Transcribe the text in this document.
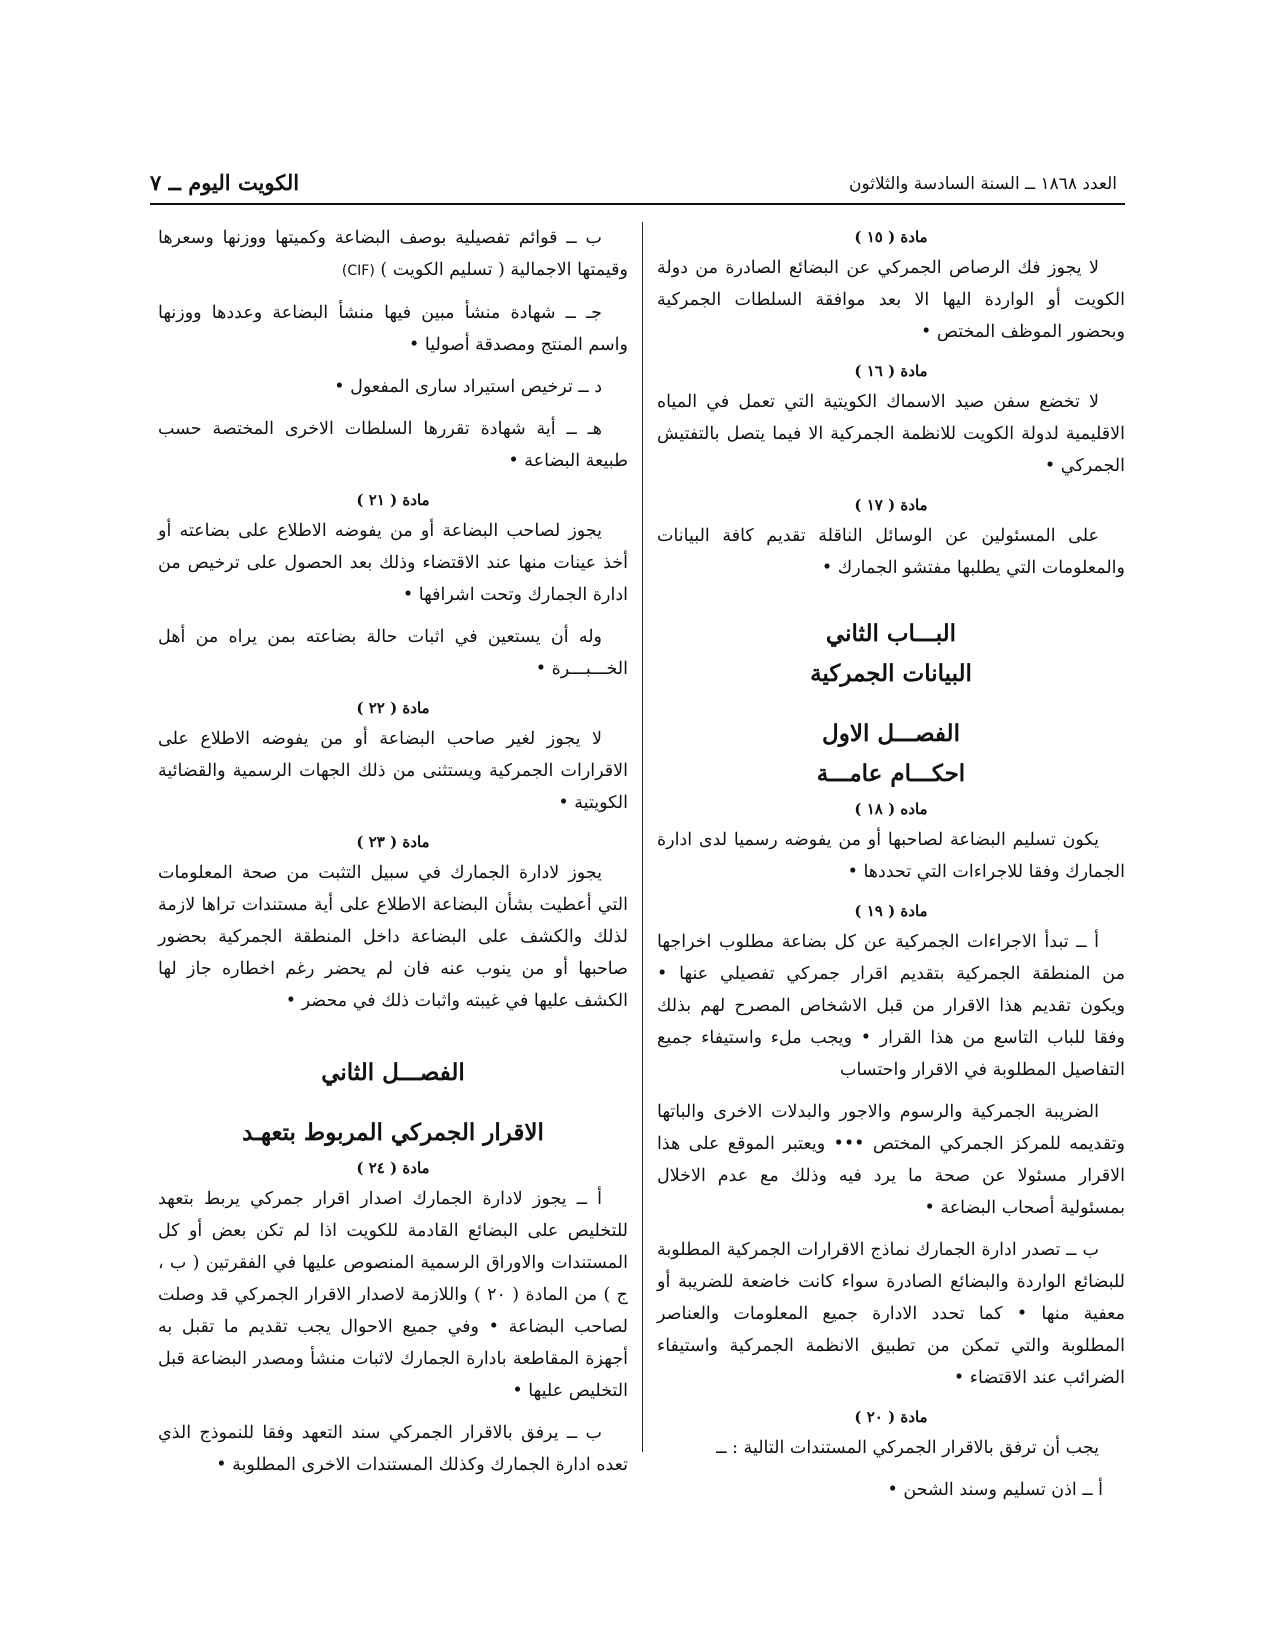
العدد ١٨٦٨ ــ السنة السادسة والثلاثون
الكويت اليوم ــ ٧
مادة ( ١٥ )

لا يجوز فك الرصاص الجمركي عن البضائع الصادرة من دولة الكويت أو الواردة اليها الا بعد موافقة السلطات الجمركية وبحضور الموظف المختص •

مادة ( ١٦ )

لا تخضع سفن صيد الاسماك الكويتية التي تعمل في المياه الاقليمية لدولة الكويت للانظمة الجمركية الا فيما يتصل بالتفتيش الجمركي •

مادة ( ١٧ )

على المسئولين عن الوسائل الناقلة تقديم كافة البيانات والمعلومات التي يطلبها مفتشو الجمارك •

البـــاب الثاني
البيانات الجمركية
الفصـــل الاول
احكـــام عامـــة
ماده ( ١٨ )

يكون تسليم البضاعة لصاحبها أو من يفوضه رسميا لدى ادارة الجمارك وفقا للاجراءات التي تحددها •

مادة ( ١٩ )

أ ــ تبدأ الاجراءات الجمركية عن كل بضاعة مطلوب اخراجها من المنطقة الجمركية بتقديم اقرار جمركي تفصيلي عنها • ويكون تقديم هذا الاقرار من قبل الاشخاص المصرح لهم بذلك وفقا للباب التاسع من هذا القرار • ويجب ملء واستيفاء جميع التفاصيل المطلوبة في الاقرار واحتساب

الضريبة الجمركية والرسوم والاجور والبدلات الاخرى والباتها وتقديمه للمركز الجمركي المختص ••• ويعتبر الموقع على هذا الاقرار مسئولا عن صحة ما يرد فيه وذلك مع عدم الاخلال بمسئولية أصحاب البضاعة •

ب ــ تصدر ادارة الجمارك نماذج الاقرارات الجمركية المطلوبة للبضائع الواردة والبضائع الصادرة سواء كانت خاضعة للضريبة أو معفية منها • كما تحدد الادارة جميع المعلومات والعناصر المطلوبة والتي تمكن من تطبيق الانظمة الجمركية واستيفاء الضرائب عند الاقتضاء •

مادة ( ٢٠ )

يجب أن ترفق بالاقرار الجمركي المستندات التالية : ــ

أ ــ اذن تسليم وسند الشحن •

ب ــ قوائم تفصيلية بوصف البضاعة وكميتها ووزنها وسعرها وقيمتها الاجمالية ( تسليم الكويت ) (CIF)

جـ ــ شهادة منشأ مبين فيها منشأ البضاعة وعددها ووزنها واسم المنتج ومصدقة أصوليا •

د ــ ترخيص استيراد سارى المفعول •

هـ ــ أية شهادة تقررها السلطات الاخرى المختصة حسب طبيعة البضاعة •

مادة ( ٢١ )

يجوز لصاحب البضاعة أو من يفوضه الاطلاع على بضاعته أو أخذ عينات منها عند الاقتضاء وذلك بعد الحصول على ترخيص من ادارة الجمارك وتحت اشرافها •

وله أن يستعين في اثبات حالة بضاعته بمن يراه من أهل الخـــبـــرة •

مادة ( ٢٢ )

لا يجوز لغير صاحب البضاعة أو من يفوضه الاطلاع على الاقرارات الجمركية ويستثنى من ذلك الجهات الرسمية والقضائية الكويتية •

مادة ( ٢٣ )

يجوز لادارة الجمارك في سبيل التثبت من صحة المعلومات التي أعطيت بشأن البضاعة الاطلاع على أية مستندات تراها لازمة لذلك والكشف على البضاعة داخل المنطقة الجمركية بحضور صاحبها أو من ينوب عنه فان لم يحضر رغم اخطاره جاز لها الكشف عليها في غيبته واثبات ذلك في محضر •

الفصـــل الثاني
الاقرار الجمركي المربوط بتعهـد
مادة ( ٢٤ )

أ ــ يجوز لادارة الجمارك اصدار اقرار جمركي يربط بتعهد للتخليص على البضائع القادمة للكويت اذا لم تكن بعض أو كل المستندات والاوراق الرسمية المنصوص عليها في الفقرتين ( ب ، ج ) من المادة ( ٢٠ ) واللازمة لاصدار الاقرار الجمركي قد وصلت لصاحب البضاعة • وفي جميع الاحوال يجب تقديم ما تقبل به أجهزة المقاطعة بادارة الجمارك لاثبات منشأ ومصدر البضاعة قبل التخليص عليها •

ب ــ يرفق بالاقرار الجمركي سند التعهد وفقا للنموذج الذي تعده ادارة الجمارك وكذلك المستندات الاخرى المطلوبة •
